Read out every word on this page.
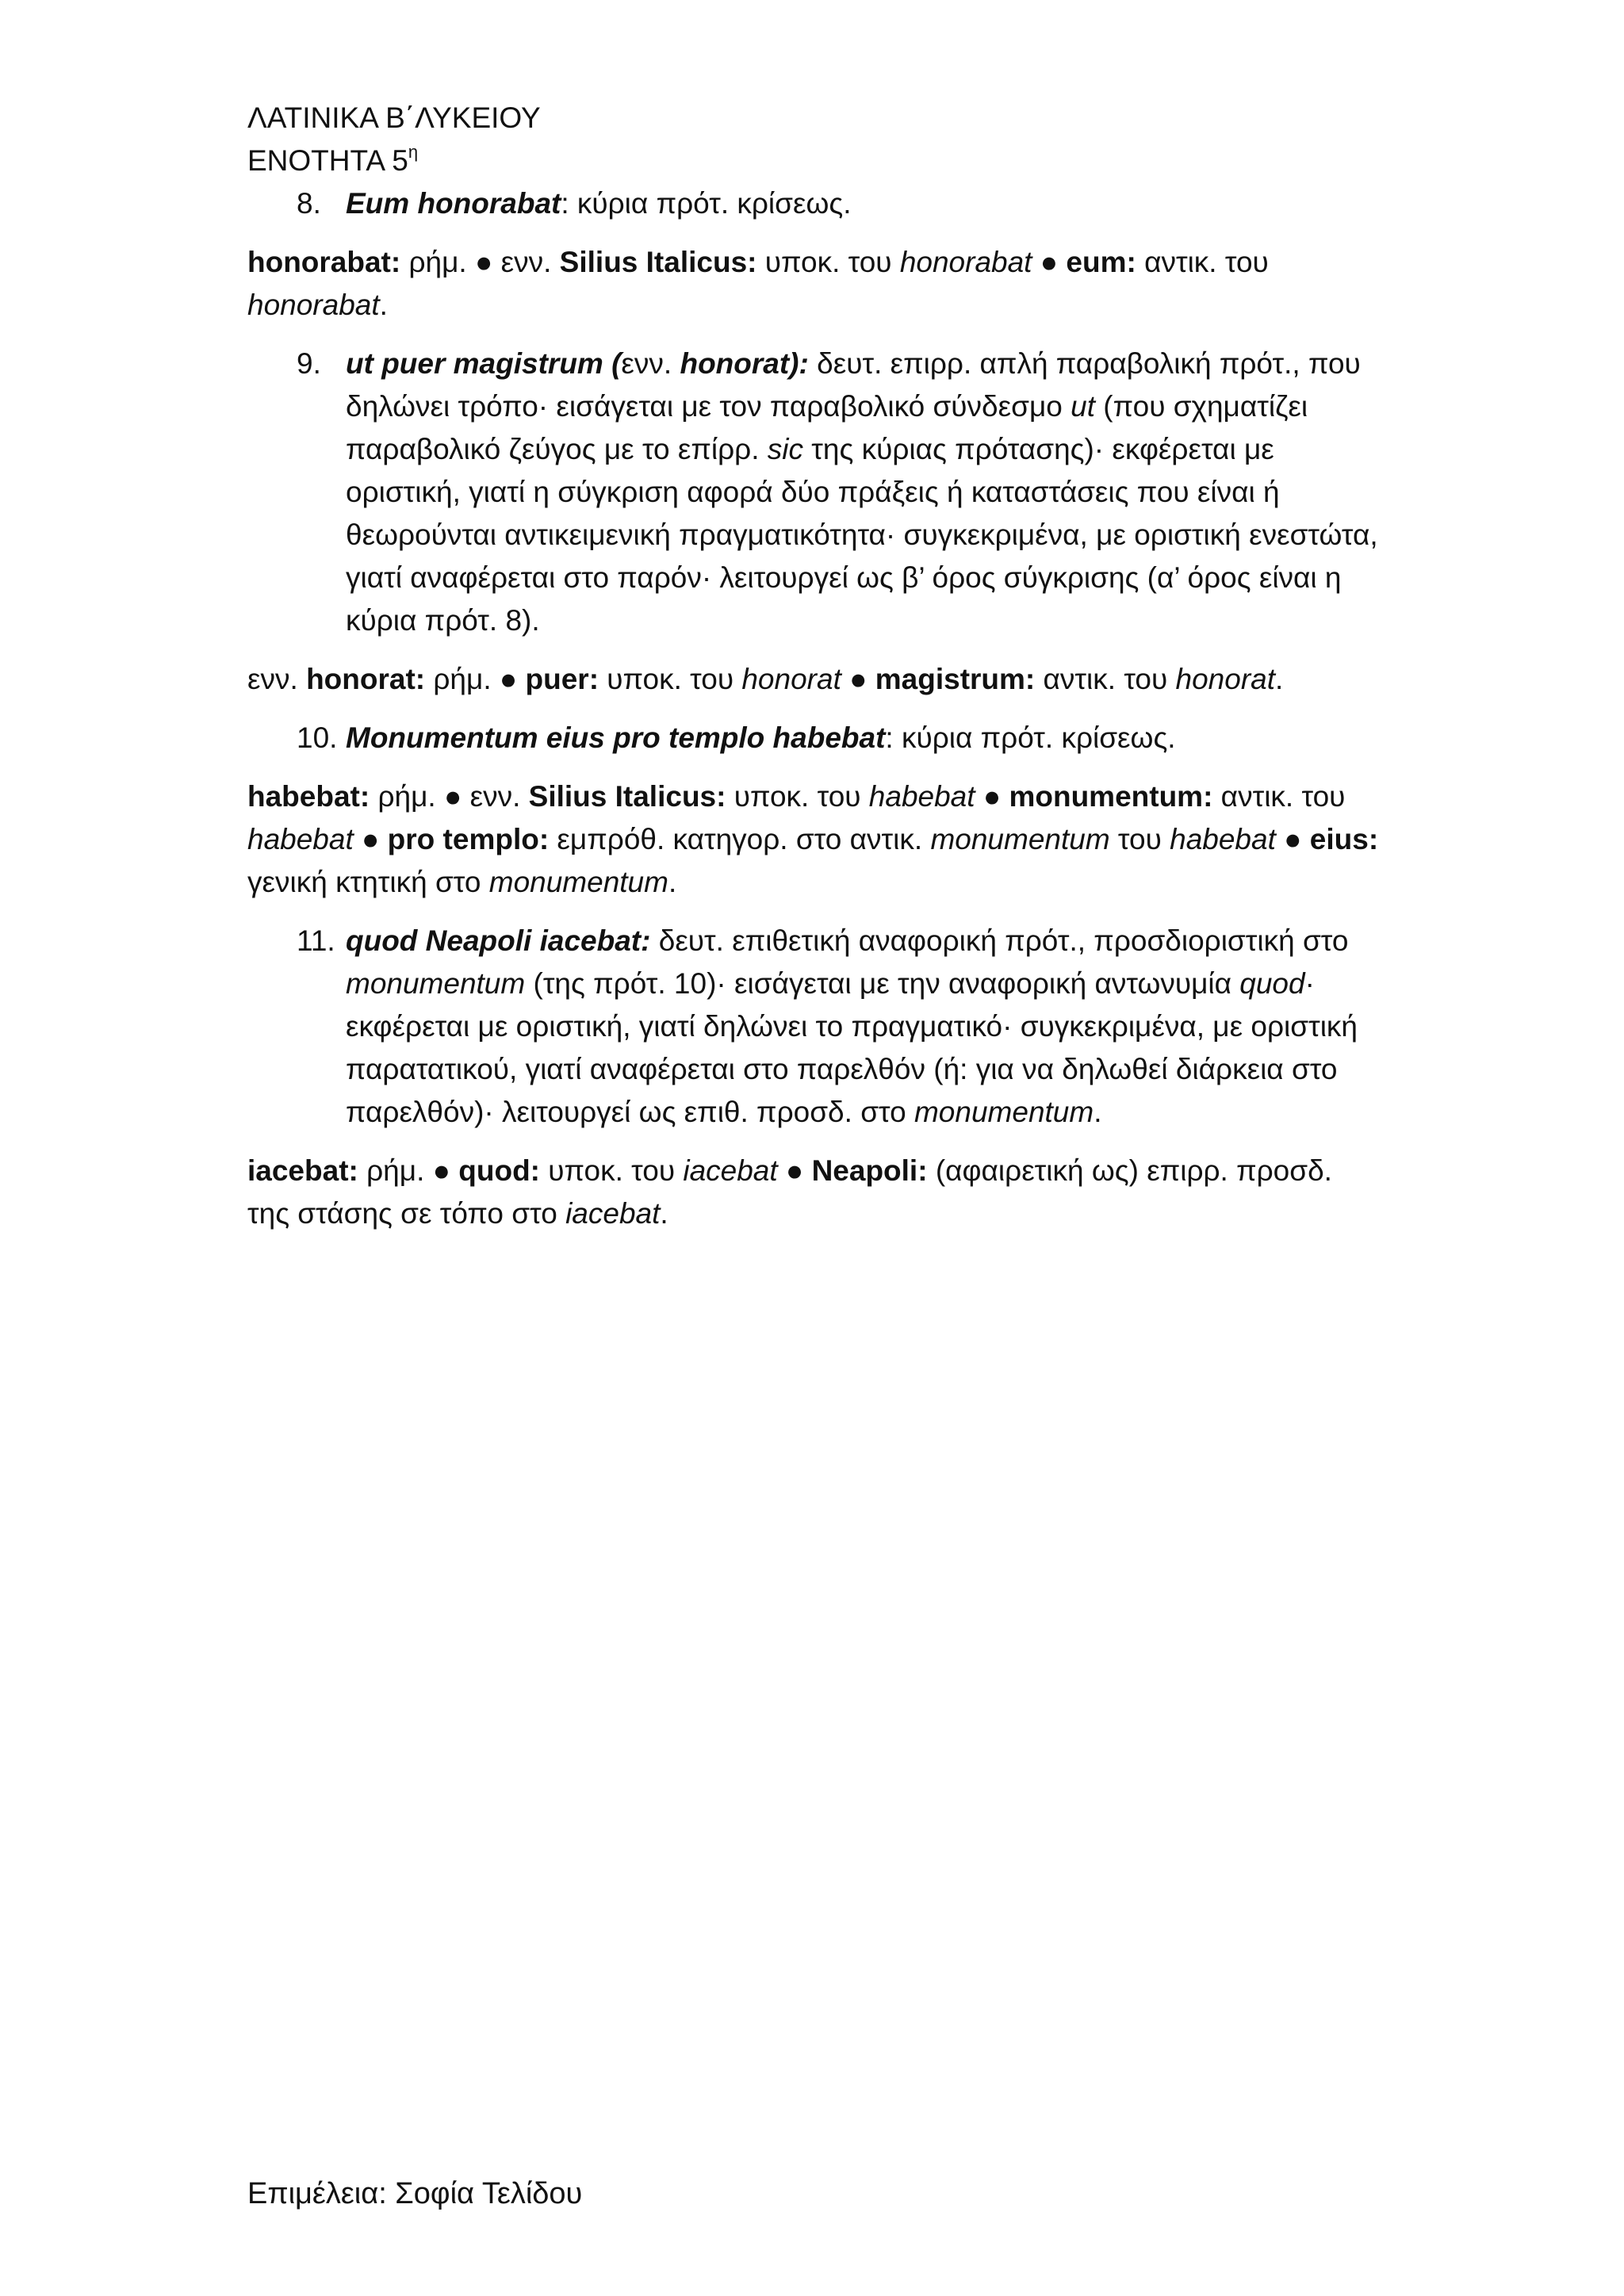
ΛΑΤΙΝΙΚΑ Β΄ΛΥΚΕΙΟΥ
ΕΝΟΤΗΤΑ $5^\eta$
8. Eum honorabat: κύρια πρότ. κρίσεως.

honorabat: ρήμ. ● ενν. Silius Italicus: υποκ. του honorabat ● eum: αντικ. του honorabat.

9. ut puer magistrum (ενν. honorat): δευτ. επιρρ. απλή παραβολική πρότ., που δηλώνει τρόπο· εισάγεται με τον παραβολικό σύνδεσμο ut (που σχηματίζει παραβολικό ζεύγος με το επίρρ. sic της κύριας πρότασης)· εκφέρεται με οριστική, γιατί η σύγκριση αφορά δύο πράξεις ή καταστάσεις που είναι ή θεωρούνται αντικειμενική πραγματικότητα· συγκεκριμένα, με οριστική ενεστώτα, γιατί αναφέρεται στο παρόν· λειτουργεί ως β’ όρος σύγκρισης (α’ όρος είναι η κύρια πρότ. 8).

ενν. honorat: ρήμ. ● puer: υποκ. του honorat ● magistrum: αντικ. του honorat.

10. Monumentum eius pro templo habebat: κύρια πρότ. κρίσεως.

habebat: ρήμ. ● ενν. Silius Italicus: υποκ. του habebat ● monumentum: αντικ. του habebat ● pro templo: εμπρόθ. κατηγορ. στο αντικ. monumentum του habebat ● eius: γενική κτητική στο monumentum.

11. quod Neapoli iacebat: δευτ. επιθετική αναφορική πρότ., προσδιοριστική στο monumentum (της πρότ. 10)· εισάγεται με την αναφορική αντωνυμία quod· εκφέρεται με οριστική, γιατί δηλώνει το πραγματικό· συγκεκριμένα, με οριστική παρατατικού, γιατί αναφέρεται στο παρελθόν (ή: για να δηλωθεί διάρκεια στο παρελθόν)· λειτουργεί ως επιθ. προσδ. στο monumentum.

iacebat: ρήμ. ● quod: υποκ. του iacebat ● Neapoli: (αφαιρετική ως) επιρρ. προσδ. της στάσης σε τόπο στο iacebat.

Επιμέλεια: Σοφία Τελίδου
